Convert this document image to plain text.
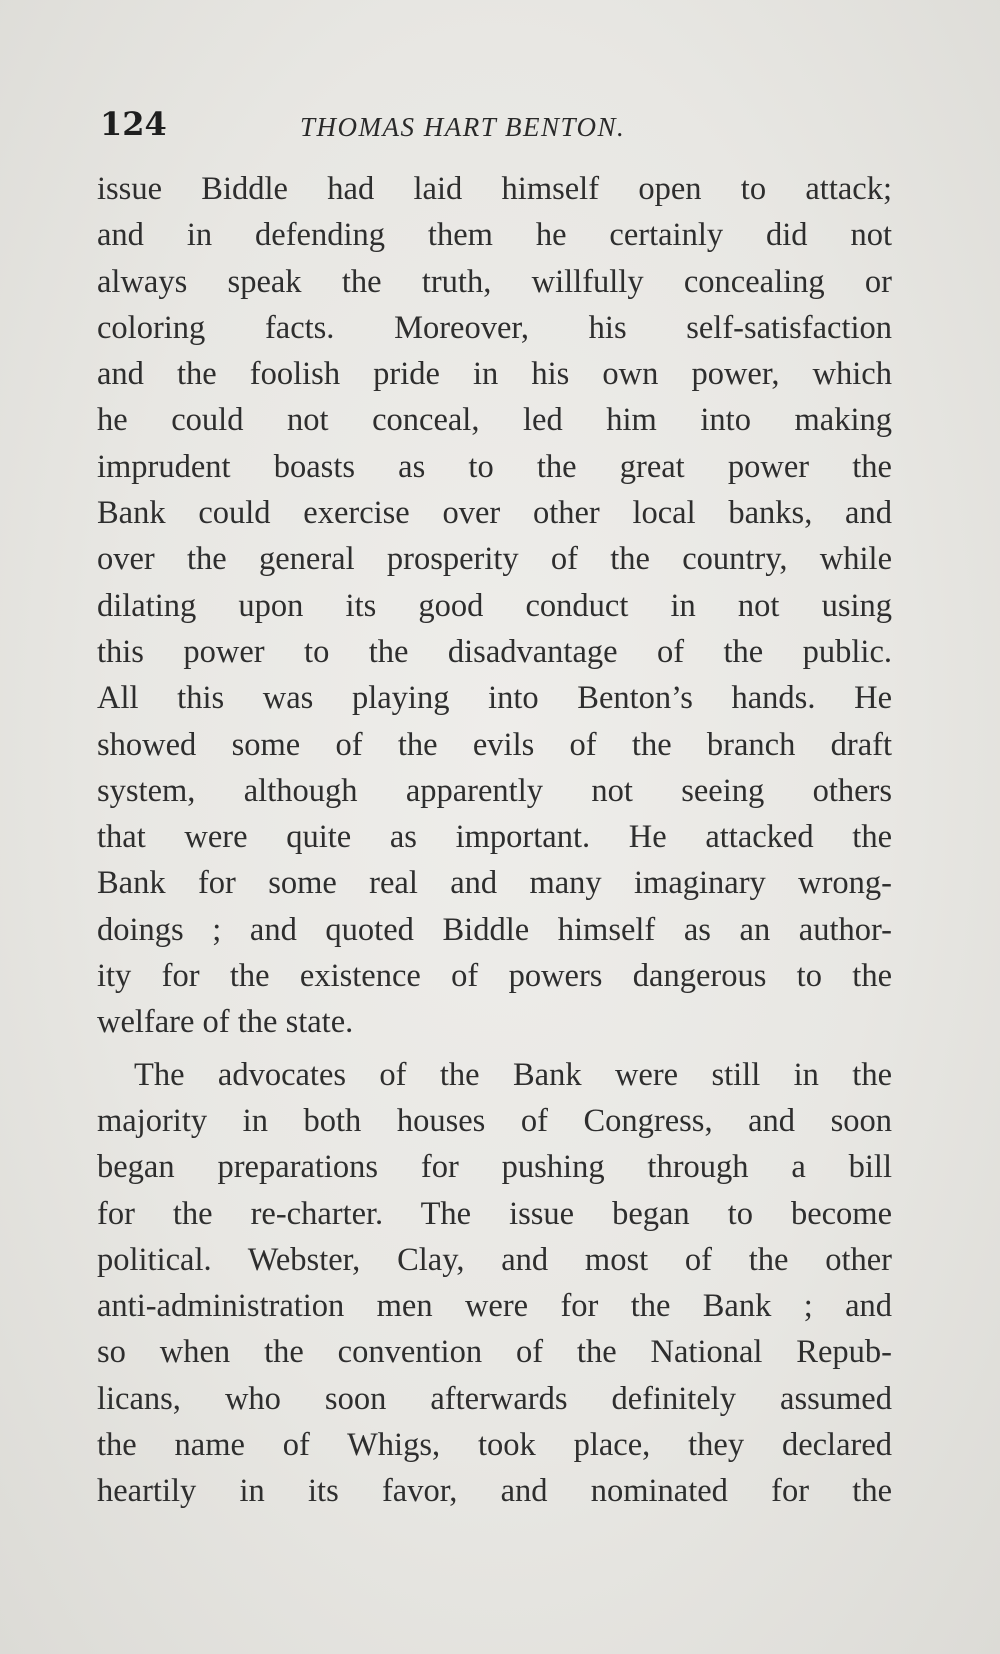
124	THOMAS HART BENTON.
issue Biddle had laid himself open to attack;
and in defending them he certainly did not
always speak the truth, willfully concealing or
coloring facts. Moreover, his self-satisfaction
and the foolish pride in his own power, which
he could not conceal, led him into making
imprudent boasts as to the great power the
Bank could exercise over other local banks, and
over the general prosperity of the country, while
dilating upon its good conduct in not using
this power to the disadvantage of the public.
All this was playing into Benton’s hands. He
showed some of the evils of the branch draft
system, although apparently not seeing others
that were quite as important. He attacked the
Bank for some real and many imaginary wrong-
doings ; and quoted Biddle himself as an author-
ity for the existence of powers dangerous to the
welfare of the state.
The advocates of the Bank were still in the
majority in both houses of Congress, and soon
began preparations for pushing through a bill
for the re-charter. The issue began to become
political. Webster, Clay, and most of the other
anti-administration men were for the Bank ; and
so when the convention of the National Repub-
licans, who soon afterwards definitely assumed
the name of Whigs, took place, they declared
heartily in its favor, and nominated for the
